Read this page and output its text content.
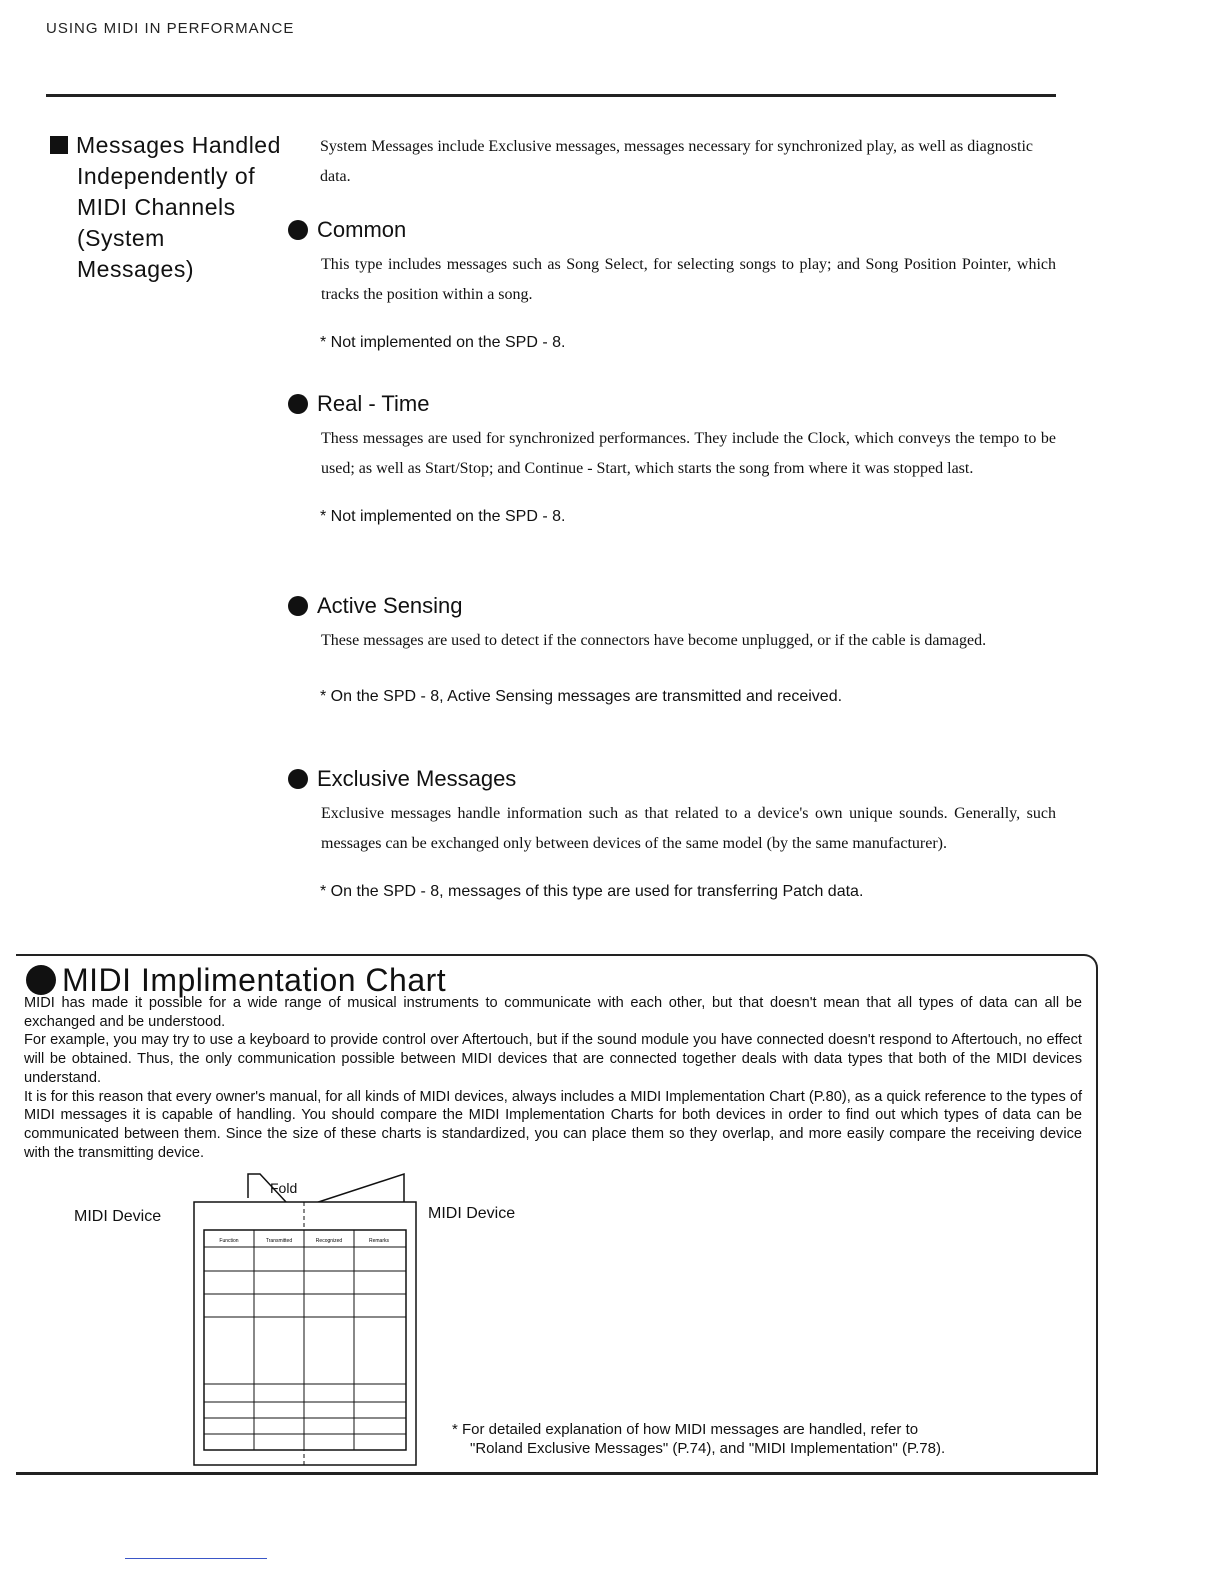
USING MIDI IN PERFORMANCE
Messages Handled
Independently of
MIDI Channels
(System
Messages)
System Messages include Exclusive messages, messages necessary for synchronized play, as well as diagnostic data.
Common

This type includes messages such as Song Select, for selecting songs to play; and Song Position Pointer, which tracks the position within a song.

* Not implemented on the SPD - 8.
Real - Time

Thess messages are used for synchronized performances. They include the Clock, which conveys the tempo to be used; as well as Start/Stop; and Continue - Start, which starts the song from where it was stopped last.

* Not implemented on the SPD - 8.
Active Sensing

These messages are used to detect if the connectors have become unplugged, or if the cable is damaged.

* On the SPD - 8, Active Sensing messages are transmitted and received.
Exclusive Messages

Exclusive messages handle information such as that related to a device's own unique sounds. Generally, such messages can be exchanged only between devices of the same model (by the same manufacturer).

* On the SPD - 8, messages of this type are used for transferring Patch data.
MIDI Implimentation Chart

MIDI has made it possible for a wide range of musical instruments to communicate with each other, but that doesn't mean that all types of data can all be exchanged and be understood.

For example, you may try to use a keyboard to provide control over Aftertouch, but if the sound module you have connected doesn't respond to Aftertouch, no effect will be obtained. Thus, the only communication possible between MIDI devices that are connected together deals with data types that both of the MIDI devices understand.

It is for this reason that every owner's manual, for all kinds of MIDI devices, always includes a MIDI Implementation Chart (P.80), as a quick reference to the types of MIDI messages it is capable of handling. You should compare the MIDI Implementation Charts for both devices in order to find out which types of data can be communicated between them. Since the size of these charts is standardized, you can place them so they overlap, and more easily compare the receiving device with the transmitting device.

MIDI Device	MIDI Device
Function	Transmitted	Recognized	Remarks
Fold
* For detailed explanation of how MIDI messages are handled, refer to
"Roland Exclusive Messages" (P.74), and "MIDI Implementation" (P.78).
